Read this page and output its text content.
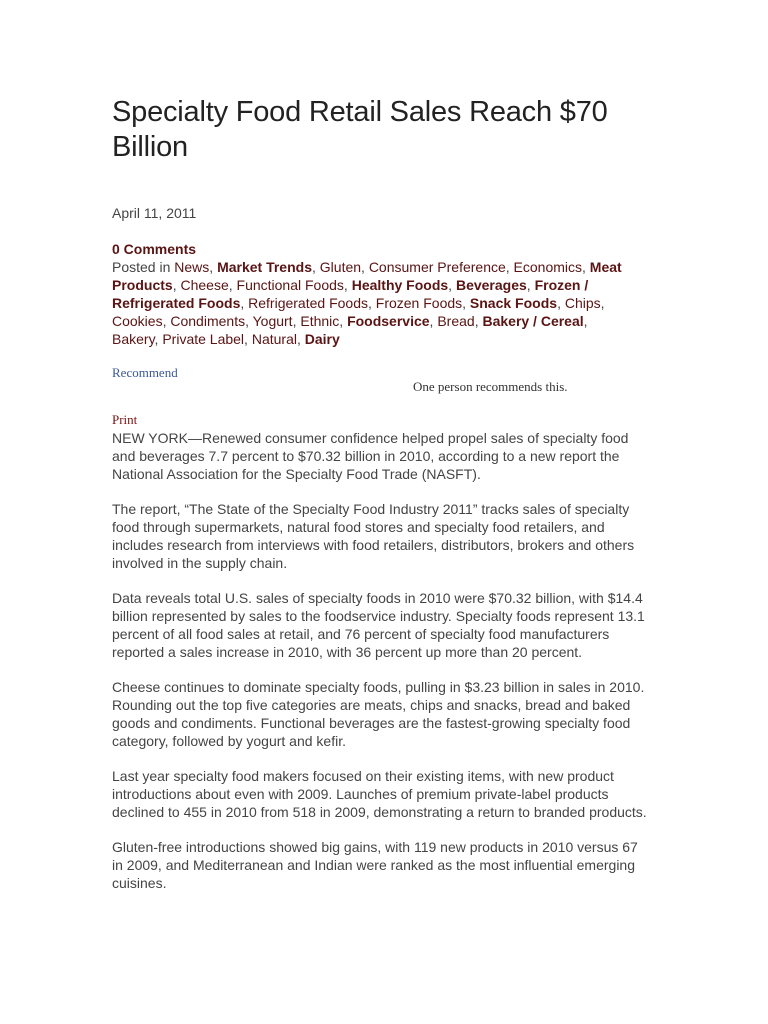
Specialty Food Retail Sales Reach $70 Billion
April 11, 2011
0 Comments
Posted in News, Market Trends, Gluten, Consumer Preference, Economics, Meat Products, Cheese, Functional Foods, Healthy Foods, Beverages, Frozen / Refrigerated Foods, Refrigerated Foods, Frozen Foods, Snack Foods, Chips, Cookies, Condiments, Yogurt, Ethnic, Foodservice, Bread, Bakery / Cereal, Bakery, Private Label, Natural, Dairy
Recommend
One person recommends this.
Print

NEW YORK—Renewed consumer confidence helped propel sales of specialty food and beverages 7.7 percent to $70.32 billion in 2010, according to a new report the National Association for the Specialty Food Trade (NASFT).

The report, “The State of the Specialty Food Industry 2011” tracks sales of specialty food through supermarkets, natural food stores and specialty food retailers, and includes research from interviews with food retailers, distributors, brokers and others involved in the supply chain.

Data reveals total U.S. sales of specialty foods in 2010 were $70.32 billion, with $14.4 billion represented by sales to the foodservice industry. Specialty foods represent 13.1 percent of all food sales at retail, and 76 percent of specialty food manufacturers reported a sales increase in 2010, with 36 percent up more than 20 percent.

Cheese continues to dominate specialty foods, pulling in $3.23 billion in sales in 2010. Rounding out the top five categories are meats, chips and snacks, bread and baked goods and condiments. Functional beverages are the fastest-growing specialty food category, followed by yogurt and kefir.

Last year specialty food makers focused on their existing items, with new product introductions about even with 2009. Launches of premium private-label products declined to 455 in 2010 from 518 in 2009, demonstrating a return to branded products.

Gluten-free introductions showed big gains, with 119 new products in 2010 versus 67 in 2009, and Mediterranean and Indian were ranked as the most influential emerging cuisines.
